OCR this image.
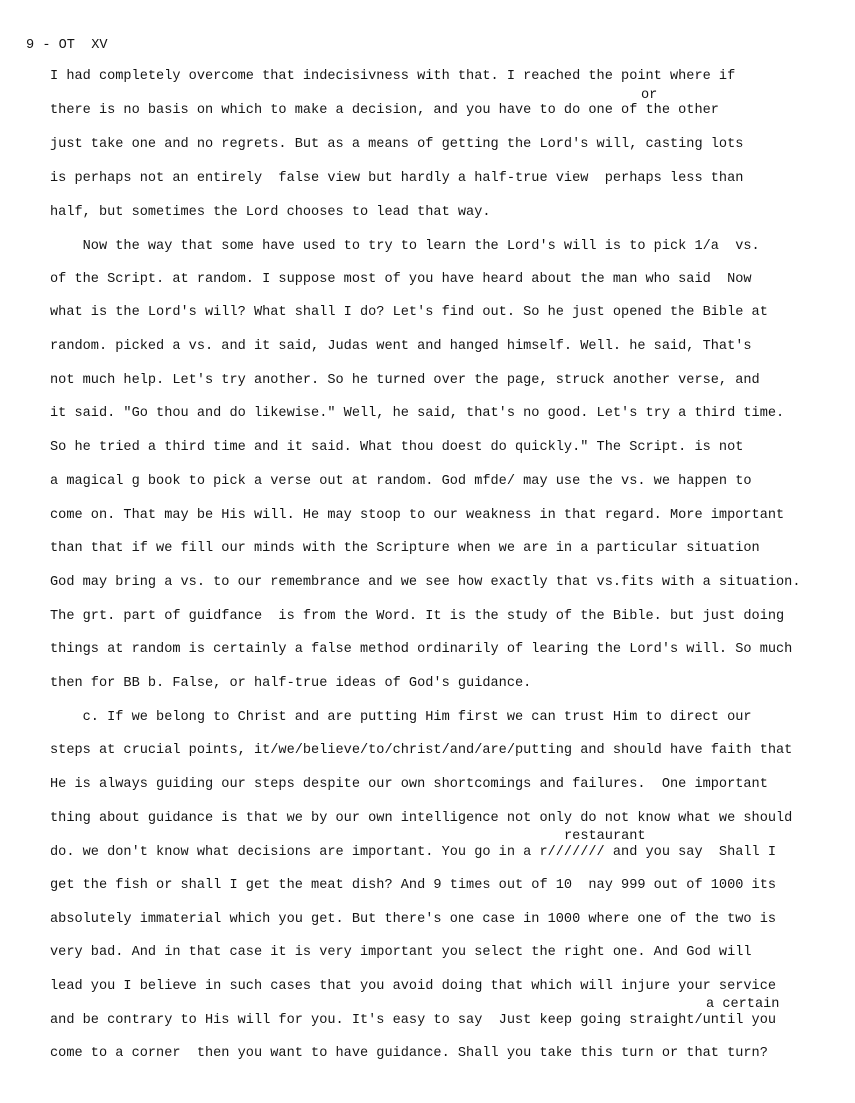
9 - OT  XV
I had completely overcome that indecisivness with that. I reached the point where if
or
there is no basis on which to make a decision, and you have to do one of the other
just take one and no regrets. But as a means of getting the Lord's will, casting lots
is perhaps not an entirely  false view but hardly a half-true view  perhaps less than
half, but sometimes the Lord chooses to lead that way.
Now the way that some have used to try to learn the Lord's will is to pick 1/a  vs.
of the Script. at random. I suppose most of you have heard about the man who said  Now
what is the Lord's will? What shall I do? Let's find out. So he just opened the Bible at
random. picked a vs. and it said, Judas went and hanged himself. Well. he said, That's
not much help. Let's try another. So he turned over the page, struck another verse, and
it said. "Go thou and do likewise." Well, he said, that's no good. Let's try a third time.
So he tried a third time and it said. What thou doest do quickly." The Script. is not
a magical g book to pick a verse out at random. God mfde/ may use the vs. we happen to
come on. That may be His will. He may stoop to our weakness in that regard. More important
than that if we fill our minds with the Scripture when we are in a particular situation
God may bring a vs. to our remembrance and we see how exactly that vs.fits with a situation.
The grt. part of guidfance  is from the Word. It is the study of the Bible. but just doing
things at random is certainly a false method ordinarily of learing the Lord's will. So much
then for BB b. False, or half-true ideas of God's guidance.
c. If we belong to Christ and are putting Him first we can trust Him to direct our
steps at crucial points, it/we/believe/to/christ/and/are/putting and should have faith that
He is always guiding our steps despite our own shortcomings and failures.  One important
thing about guidance is that we by our own intelligence not only do not know what we should
restaurant
do. we don't know what decisions are important. You go in a r/////// and you say  Shall I
get the fish or shall I get the meat dish? And 9 times out of 10  nay 999 out of 1000 its
absolutely immaterial which you get. But there's one case in 1000 where one of the two is
very bad. And in that case it is very important you select the right one. And God will
lead you I believe in such cases that you avoid doing that which will injure your service
a certain
and be contrary to His will for you. It's easy to say  Just keep going straight/until you
come to a corner  then you want to have guidance. Shall you take this turn or that turn?
